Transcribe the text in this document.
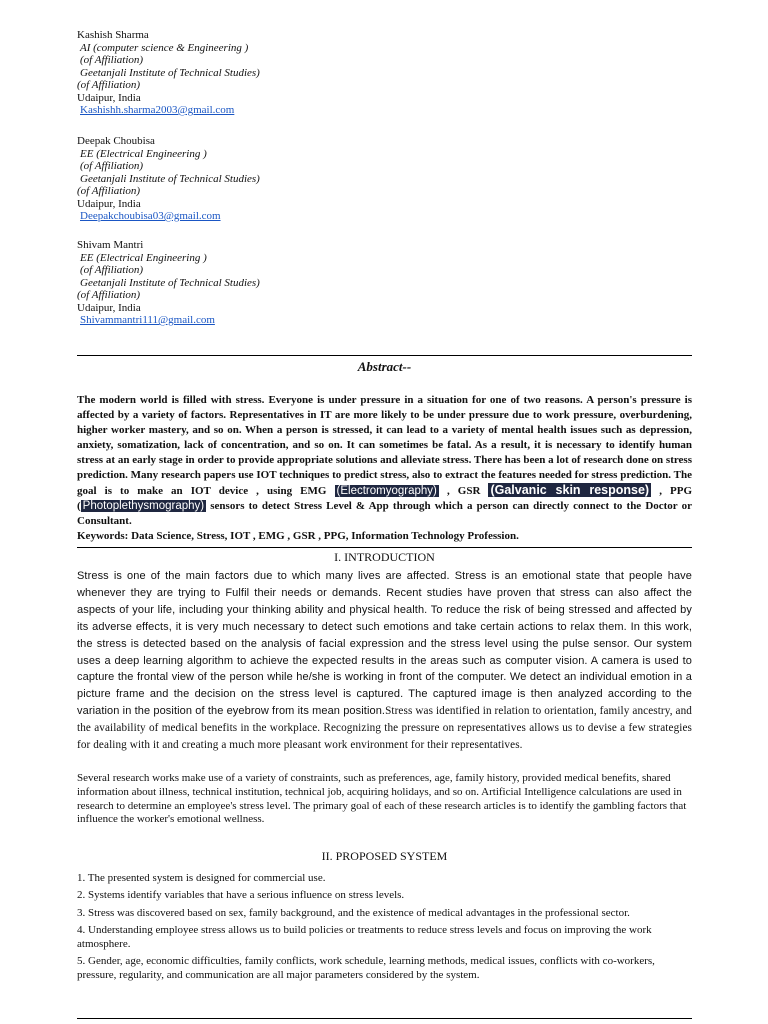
Kashish Sharma
AI (computer science & Engineering )
(of Affiliation)
Geetanjali Institute of Technical Studies)
(of Affiliation)
Udaipur, India
Kashishh.sharma2003@gmail.com
Deepak Choubisa
EE (Electrical Engineering )
(of Affiliation)
Geetanjali Institute of Technical Studies)
(of Affiliation)
Udaipur, India
Deepakchoubisa03@gmail.com
Shivam Mantri
EE (Electrical Engineering )
(of Affiliation)
Geetanjali Institute of Technical Studies)
(of Affiliation)
Udaipur, India
Shivammantri111@gmail.com
Abstract--
The modern world is filled with stress. Everyone is under pressure in a situation for one of two reasons. A person's pressure is affected by a variety of factors. Representatives in IT are more likely to be under pressure due to work pressure, overburdening, higher worker mastery, and so on. When a person is stressed, it can lead to a variety of mental health issues such as depression, anxiety, somatization, lack of concentration, and so on. It can sometimes be fatal. As a result, it is necessary to identify human stress at an early stage in order to provide appropriate solutions and alleviate stress. There has been a lot of research done on stress prediction. Many research papers use IOT techniques to predict stress, also to extract the features needed for stress prediction. The goal is to make an IOT device , using EMG (Electromyography) , GSR (Galvanic skin response) , PPG ( Photoplethysmography) sensors to detect Stress Level & App through which a person can directly connect to the Doctor or Consultant.
Keywords: Data Science, Stress, IOT , EMG , GSR , PPG, Information Technology Profession.
I. INTRODUCTION
Stress is one of the main factors due to which many lives are affected. Stress is an emotional state that people have whenever they are trying to Fulfil their needs or demands. Recent studies have proven that stress can also affect the aspects of your life, including your thinking ability and physical health. To reduce the risk of being stressed and affected by its adverse effects, it is very much necessary to detect such emotions and take certain actions to relax them. In this work, the stress is detected based on the analysis of facial expression and the stress level using the pulse sensor. Our system uses a deep learning algorithm to achieve the expected results in the areas such as computer vision. A camera is used to capture the frontal view of the person while he/she is working in front of the computer. We detect an individual emotion in a picture frame and the decision on the stress level is captured. The captured image is then analyzed according to the variation in the position of the eyebrow from its mean position.Stress was identified in relation to orientation, family ancestry, and the availability of medical benefits in the workplace. Recognizing the pressure on representatives allows us to devise a few strategies for dealing with it and creating a much more pleasant work environment for their representatives.
Several research works make use of a variety of constraints, such as preferences, age, family history, provided medical benefits, shared information about illness, technical institution, technical job, acquiring holidays, and so on. Artificial Intelligence calculations are used in research to determine an employee's stress level. The primary goal of each of these research articles is to identify the gambling factors that influence the worker's emotional wellness.
II. PROPOSED SYSTEM
1. The presented system is designed for commercial use.
2. Systems identify variables that have a serious influence on stress levels.
3. Stress was discovered based on sex, family background, and the existence of medical advantages in the professional sector.
4. Understanding employee stress allows us to build policies or treatments to reduce stress levels and focus on improving the work atmosphere.
5. Gender, age, economic difficulties, family conflicts, work schedule, learning methods, medical issues, conflicts with co-workers, pressure, regularity, and communication are all major parameters considered by the system.
